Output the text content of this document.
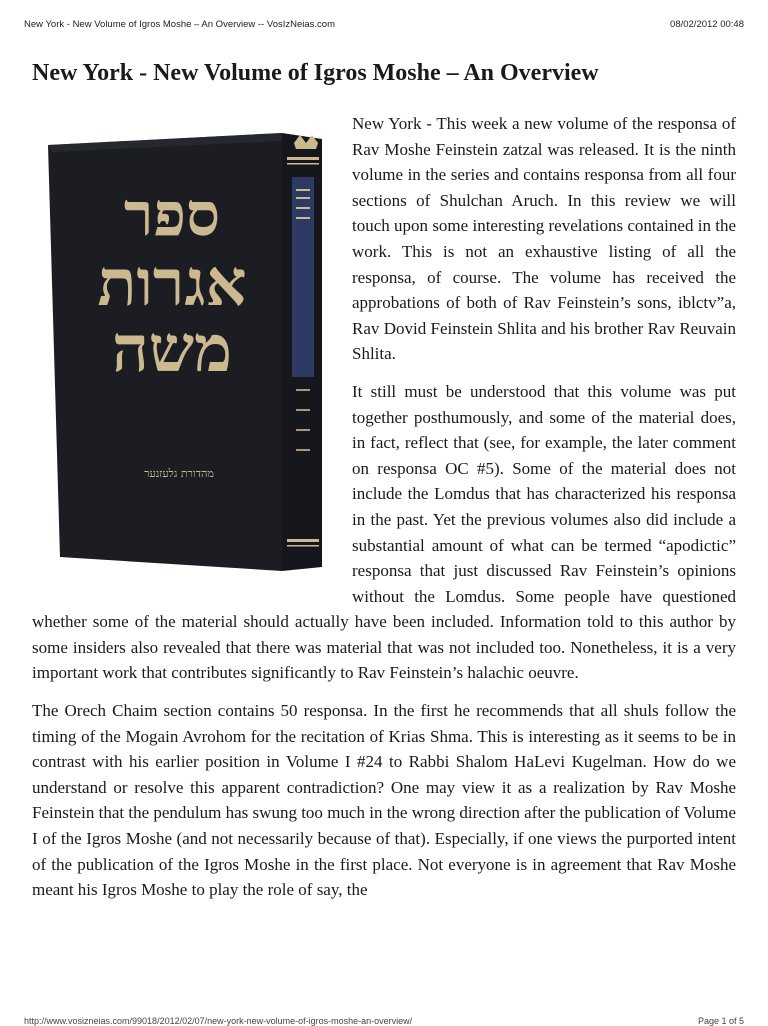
New York - New Volume of Igros Moshe – An Overview -- VosIzNeias.com	08/02/2012 00:48
New York - New Volume of Igros Moshe – An Overview
ספר
אגרות
משה
מהדורת גלעזנער

New York - This week a new volume of the responsa of Rav Moshe Feinstein zatzal was released. It is the ninth volume in the series and contains responsa from all four sections of Shulchan Aruch. In this review we will touch upon some interesting revelations contained in the work. This is not an exhaustive listing of all the responsa, of course. The volume has received the approbations of both of Rav Feinstein’s sons, iblctv”a, Rav Dovid Feinstein Shlita and his brother Rav Reuvain Shlita.

It still must be understood that this volume was put together posthumously, and some of the material does, in fact, reflect that (see, for example, the later comment on responsa OC #5). Some of the material does not include the Lomdus that has characterized his responsa in the past. Yet the previous volumes also did include a substantial amount of what can be termed “apodictic” responsa that just discussed Rav Feinstein’s opinions without the Lomdus. Some people have questioned whether some of the material should actually have been included. Information told to this author by some insiders also revealed that there was material that was not included too. Nonetheless, it is a very important work that contributes significantly to Rav Feinstein’s halachic oeuvre.

The Orech Chaim section contains 50 responsa. In the first he recommends that all shuls follow the timing of the Mogain Avrohom for the recitation of Krias Shma. This is interesting as it seems to be in contrast with his earlier position in Volume I #24 to Rabbi Shalom HaLevi Kugelman. How do we understand or resolve this apparent contradiction? One may view it as a realization by Rav Moshe Feinstein that the pendulum has swung too much in the wrong direction after the publication of Volume I of the Igros Moshe (and not necessarily because of that). Especially, if one views the purported intent of the publication of the Igros Moshe in the first place. Not everyone is in agreement that Rav Moshe meant his Igros Moshe to play the role of say, the

http://www.vosizneias.com/99018/2012/02/07/new-york-new-volume-of-igros-moshe-an-overview/	Page 1 of 5
